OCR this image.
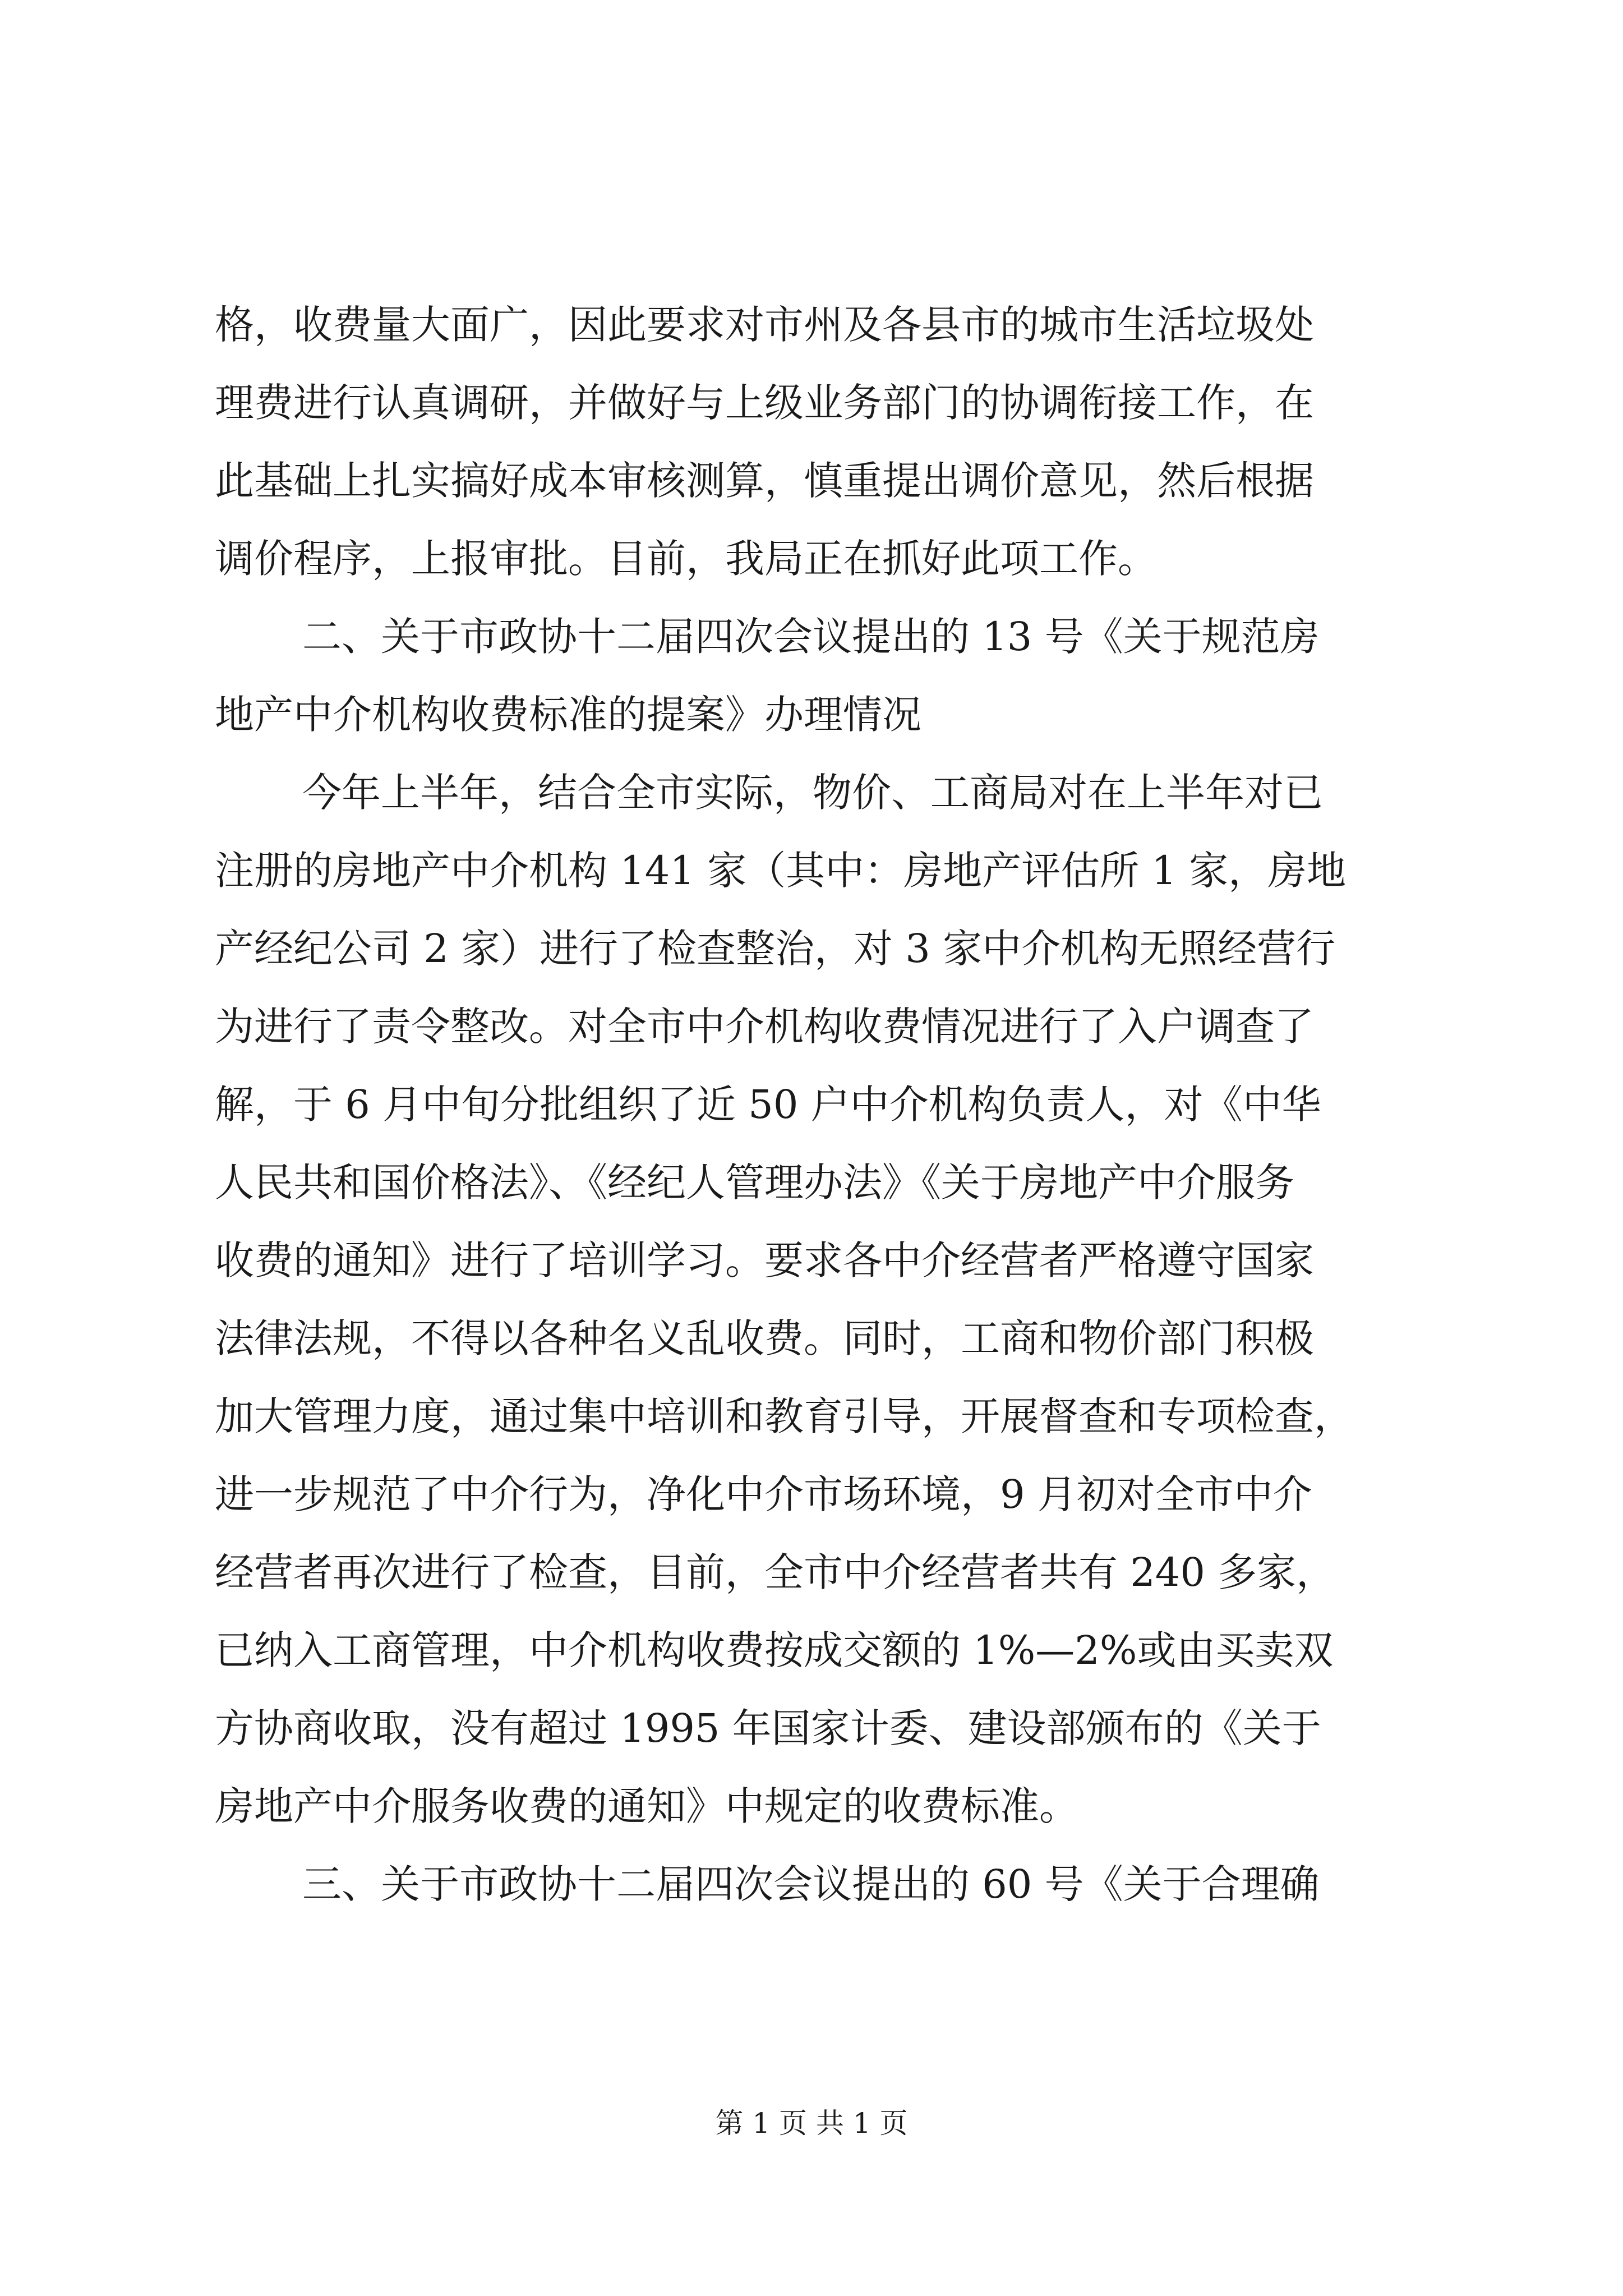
格，收费量大面广，因此要求对市州及各县市的城市生活垃圾处
理费进行认真调研，并做好与上级业务部门的协调衔接工作，在
此基础上扎实搞好成本审核测算，慎重提出调价意见，然后根据
调价程序，上报审批。目前，我局正在抓好此项工作。
二、关于市政协十二届四次会议提出的 13 号《关于规范房
地产中介机构收费标准的提案》办理情况
今年上半年，结合全市实际，物价、工商局对在上半年对已
注册的房地产中介机构 141 家（其中：房地产评估所 1 家，房地
产经纪公司 2 家）进行了检查整治，对 3 家中介机构无照经营行
为进行了责令整改。对全市中介机构收费情况进行了入户调查了
解，于 6 月中旬分批组织了近 50 户中介机构负责人，对《中华
人民共和国价格法》、《经纪人管理办法》《关于房地产中介服务
收费的通知》进行了培训学习。要求各中介经营者严格遵守国家
法律法规，不得以各种名义乱收费。同时，工商和物价部门积极
加大管理力度，通过集中培训和教育引导，开展督查和专项检查，
进一步规范了中介行为，净化中介市场环境，9 月初对全市中介
经营者再次进行了检查，目前，全市中介经营者共有 240 多家，
已纳入工商管理，中介机构收费按成交额的 1%—2%或由买卖双
方协商收取，没有超过 1995 年国家计委、建设部颁布的《关于
房地产中介服务收费的通知》中规定的收费标准。
三、关于市政协十二届四次会议提出的 60 号《关于合理确
第 1 页 共 1 页
